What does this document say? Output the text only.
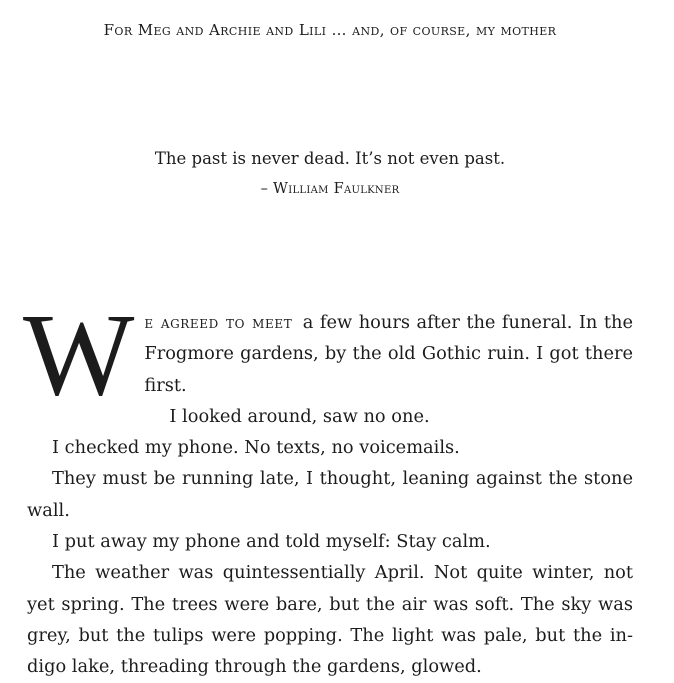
For Meg and Archie and Lili … and, of course, my mother
The past is never dead. It’s not even past.
– William Faulkner

We agreed to meet a few hours after the funeral. In the Frogmore gardens, by the old Gothic ruin. I got there first.

I looked around, saw no one.

I checked my phone. No texts, no voicemails.

They must be running late, I thought, leaning against the stone wall.

I put away my phone and told myself: Stay calm.

The weather was quintessentially April. Not quite winter, not yet spring. The trees were bare, but the air was soft. The sky was grey, but the tulips were popping. The light was pale, but the indigo lake, threading through the gardens, glowed.
